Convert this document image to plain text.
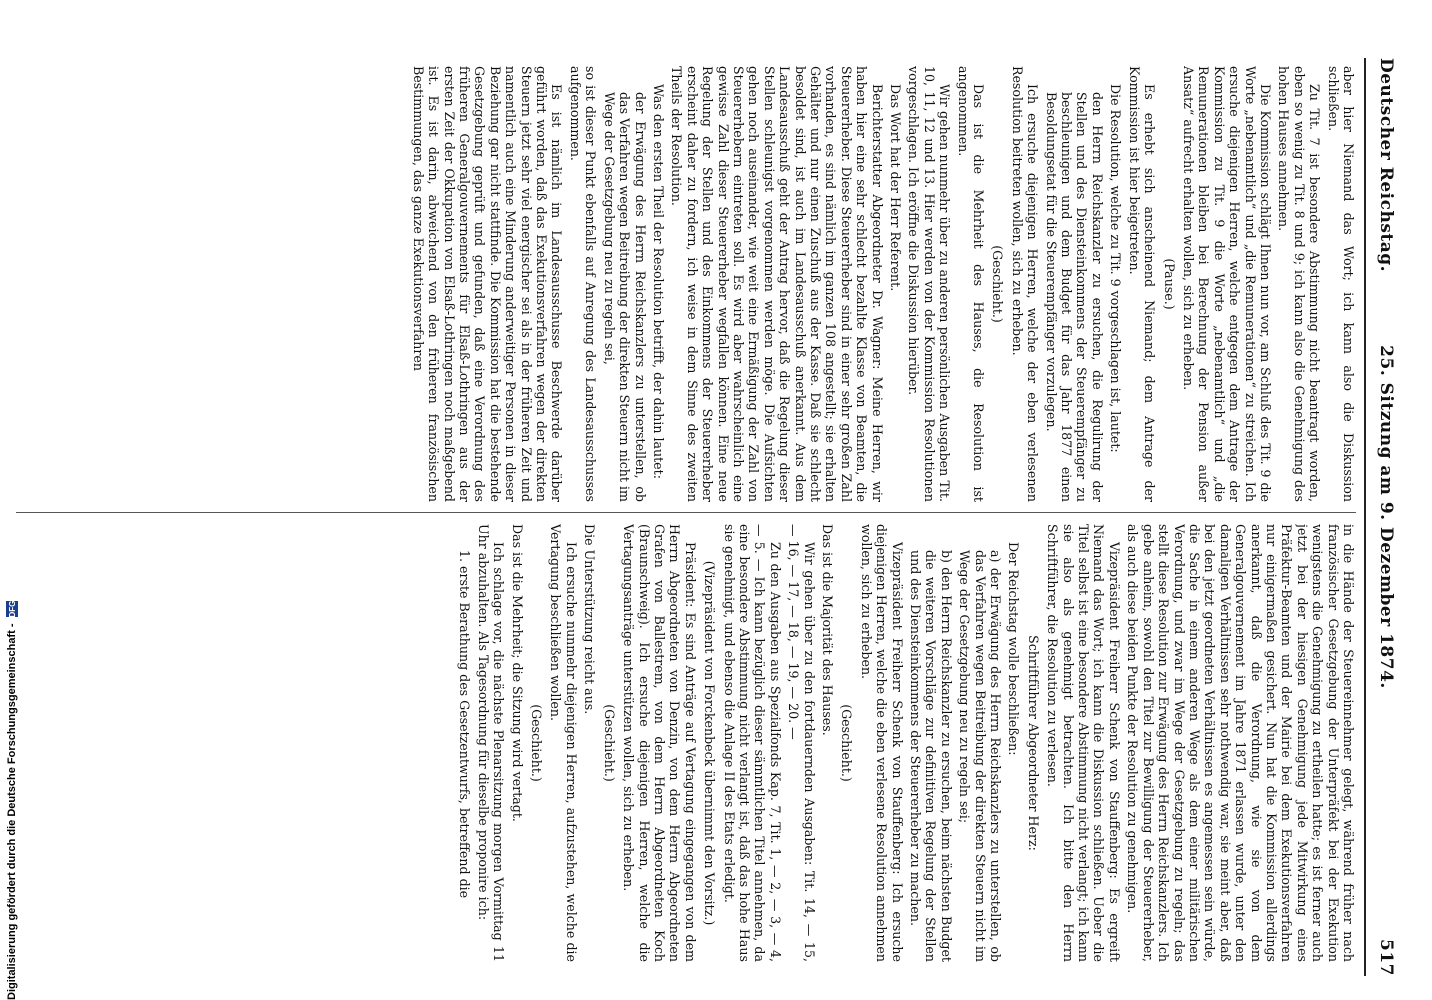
Deutscher Reichstag.
25. Sitzung am 9. Dezember 1874.
517

aber hier Niemand das Wort; ich kann also die Diskussion schließen.

Zu Tit. 7 ist besondere Abstimmung nicht beantragt worden, eben so wenig zu Tit. 8 und 9; ich kann also die Genehmigung des hohen Hauses annehmen.

Die Kommission schlägt Ihnen nun vor, am Schluß des Tit. 9 die Worte „nebenamtlich“ und „die Remunerationen“ zu streichen. Ich ersuche diejenigen Herren, welche entgegen dem Antrage der Kommission zu Tit. 9 die Worte „nebenamtlich“ und „die Remunerationen bleiben bei Berechnung der Pension außer Ansatz“ aufrecht erhalten wollen, sich zu erheben.

(Pause.)

Es erhebt sich anscheinend Niemand; dem Antrage der Kommission ist hier beigetreten.

Die Resolution, welche zu Tit. 9 vorgeschlagen ist, lautet:

den Herrn Reichskanzler zu ersuchen, die Regulirung der Stellen und des Diensteinkommens der Steuerempfänger zu beschleunigen und dem Budget für das Jahr 1877 einen Besoldungsetat für die Steuerempfänger vorzulegen.

Ich ersuche diejenigen Herren, welche der eben verlesenen Resolution beitreten wollen, sich zu erheben.

(Geschieht.)

Das ist die Mehrheit des Hauses, die Resolution ist angenommen.

Wir gehen nunmehr über zu anderen persönlichen Ausgaben Tit. 10, 11, 12 und 13. Hier werden von der Kommission Resolutionen vorgeschlagen. Ich eröffne die Diskussion hierüber.

Das Wort hat der Herr Referent.

Berichterstatter Abgeordneter Dr. Wagner: Meine Herren, wir haben hier eine sehr schlecht bezahlte Klasse von Beamten, die Steuererheber. Diese Steuererheber sind in einer sehr großen Zahl vorhanden, es sind nämlich im ganzen 108 angestellt; sie erhalten Gehälter und nur einen Zuschuß aus der Kasse. Daß sie schlecht besoldet sind, ist auch im Landesausschuß anerkannt. Aus dem Landesausschuß geht der Antrag hervor, daß die Regelung dieser Stellen schleunigst vorgenommen werden möge. Die Aufsichten gehen noch auseinander, wie weit eine Ermäßigung der Zahl von Steuererhebern eintreten soll. Es wird aber wahrscheinlich eine gewisse Zahl dieser Steuererheber wegfallen können. Eine neue Regelung der Stellen und des Einkommens der Steuererheber erscheint daher zu fordern, ich weise in dem Sinne des zweiten Theils der Resolution.

Was den ersten Theil der Resolution betrifft, der dahin lautet:

der Erwägung des Herrn Reichskanzlers zu unterstellen, ob das Verfahren wegen Beitreibung der direkten Steuern nicht im Wege der Gesetzgebung neu zu regeln sei,

so ist dieser Punkt ebenfalls auf Anregung des Landesausschusses aufgenommen.

Es ist nämlich im Landesausschusse Beschwerde darüber geführt worden, daß das Exekutionsverfahren wegen der direkten Steuern jetzt sehr viel energischer sei als in der früheren Zeit und namentlich auch eine Minderung anderweitiger Personen in dieser Beziehung gar nicht stattfinde. Die Kommission hat die bestehende Gesetzgebung geprüft und gefunden, daß eine Verordnung des früheren Generalgouvernements für Elsaß-Lothringen aus der ersten Zeit der Okkupation von Elsaß-Lothringen noch maßgebend ist. Es ist darin, abweichend von den früheren französischen Bestimmungen, das ganze Exekutionsverfahren

in die Hände der Steuereinnehmer gelegt, während früher nach französischer Gesetzgebung der Unterpräfekt bei der Exekution wenigstens die Genehmigung zu ertheilen hatte; es ist ferner auch jetzt bei der hiesigen Genehmigung jede Mitwirkung eines Präfektur-Beamten und der Mairie bei dem Exekutionsverfahren nur einigermaßen gesichert. Nun hat die Kommission allerdings anerkannt, daß die Verordnung, wie sie von dem Generalgouvernement im Jahre 1871 erlassen wurde, unter den damaligen Verhältnissen sehr nothwendig war, sie meint aber, daß bei den jetzt geordneten Verhältnissen es angemessen sein würde, die Sache in einem anderen Wege als dem einer militärischen Verordnung, und zwar im Wege der Gesetzgebung zu regeln; das stellt diese Resolution zur Erwägung des Herrn Reichskanzlers. Ich gebe anheim, sowohl den Titel zur Bewilligung der Steuererheber, als auch diese beiden Punkte der Resolution zu genehmigen.

Vizepräsident Freiherr Schenk von Stauffenberg: Es ergreift Niemand das Wort; ich kann die Diskussion schließen. Ueber die Titel selbst ist eine besondere Abstimmung nicht verlangt; ich kann sie also als genehmigt betrachten. Ich bitte den Herrn Schriftführer, die Resolution zu verlesen.

Schriftführer Abgeordneter Herz:

Der Reichstag wolle beschließen:

a) der Erwägung des Herrn Reichskanzlers zu unterstellen, ob das Verfahren wegen Beitreibung der direkten Steuern nicht im Wege der Gesetzgebung neu zu regeln sei;

b) den Herrn Reichskanzler zu ersuchen, beim nächsten Budget die weiteren Vorschläge zur definitiven Regelung der Stellen und des Diensteinkommens der Steuererheber zu machen.

Vizepräsident Freiherr Schenk von Stauffenberg: Ich ersuche diejenigen Herren, welche die eben verlesene Resolution annehmen wollen, sich zu erheben.

(Geschieht.)

Das ist die Majorität des Hauses.

Wir gehen über zu den fortdauernden Ausgaben: Tit. 14, — 15, — 16, — 17, — 18, — 19, — 20. —

Zu den Ausgaben aus Spezialfonds Kap. 7, Tit. 1, — 2, — 3, — 4, — 5. — Ich kann bezüglich dieser sämmtlichen Titel annehmen, da eine besondere Abstimmung nicht verlangt ist, daß das hohe Haus sie genehmigt, und ebenso die Anlage II des Etats erledigt.

(Vizepräsident von Forckenbeck übernimmt den Vorsitz.)

Präsident: Es sind Anträge auf Vertagung eingegangen von dem Herrn Abgeordneten von Denzin, von dem Herrn Abgeordneten Grafen von Ballestrem, von dem Herrn Abgeordneten Koch (Braunschweig). Ich ersuche diejenigen Herren, welche die Vertagungsanträge unterstützen wollen, sich zu erheben.

(Geschieht.)

Die Unterstützung reicht aus.

Ich ersuche nunmehr diejenigen Herren, aufzustehen, welche die Vertagung beschließen wollen.

(Geschieht.)

Das ist die Mehrheit; die Sitzung wird vertagt.

Ich schlage vor, die nächste Plenarsitzung morgen Vormittag 11 Uhr abzuhalten. Als Tagesordnung für dieselbe proponire ich:

1. erste Berathung des Gesetzentwurfs, betreffend die

Digitalisierung gefördert durch die Deutsche Forschungsgemeinschaft -
DFG
